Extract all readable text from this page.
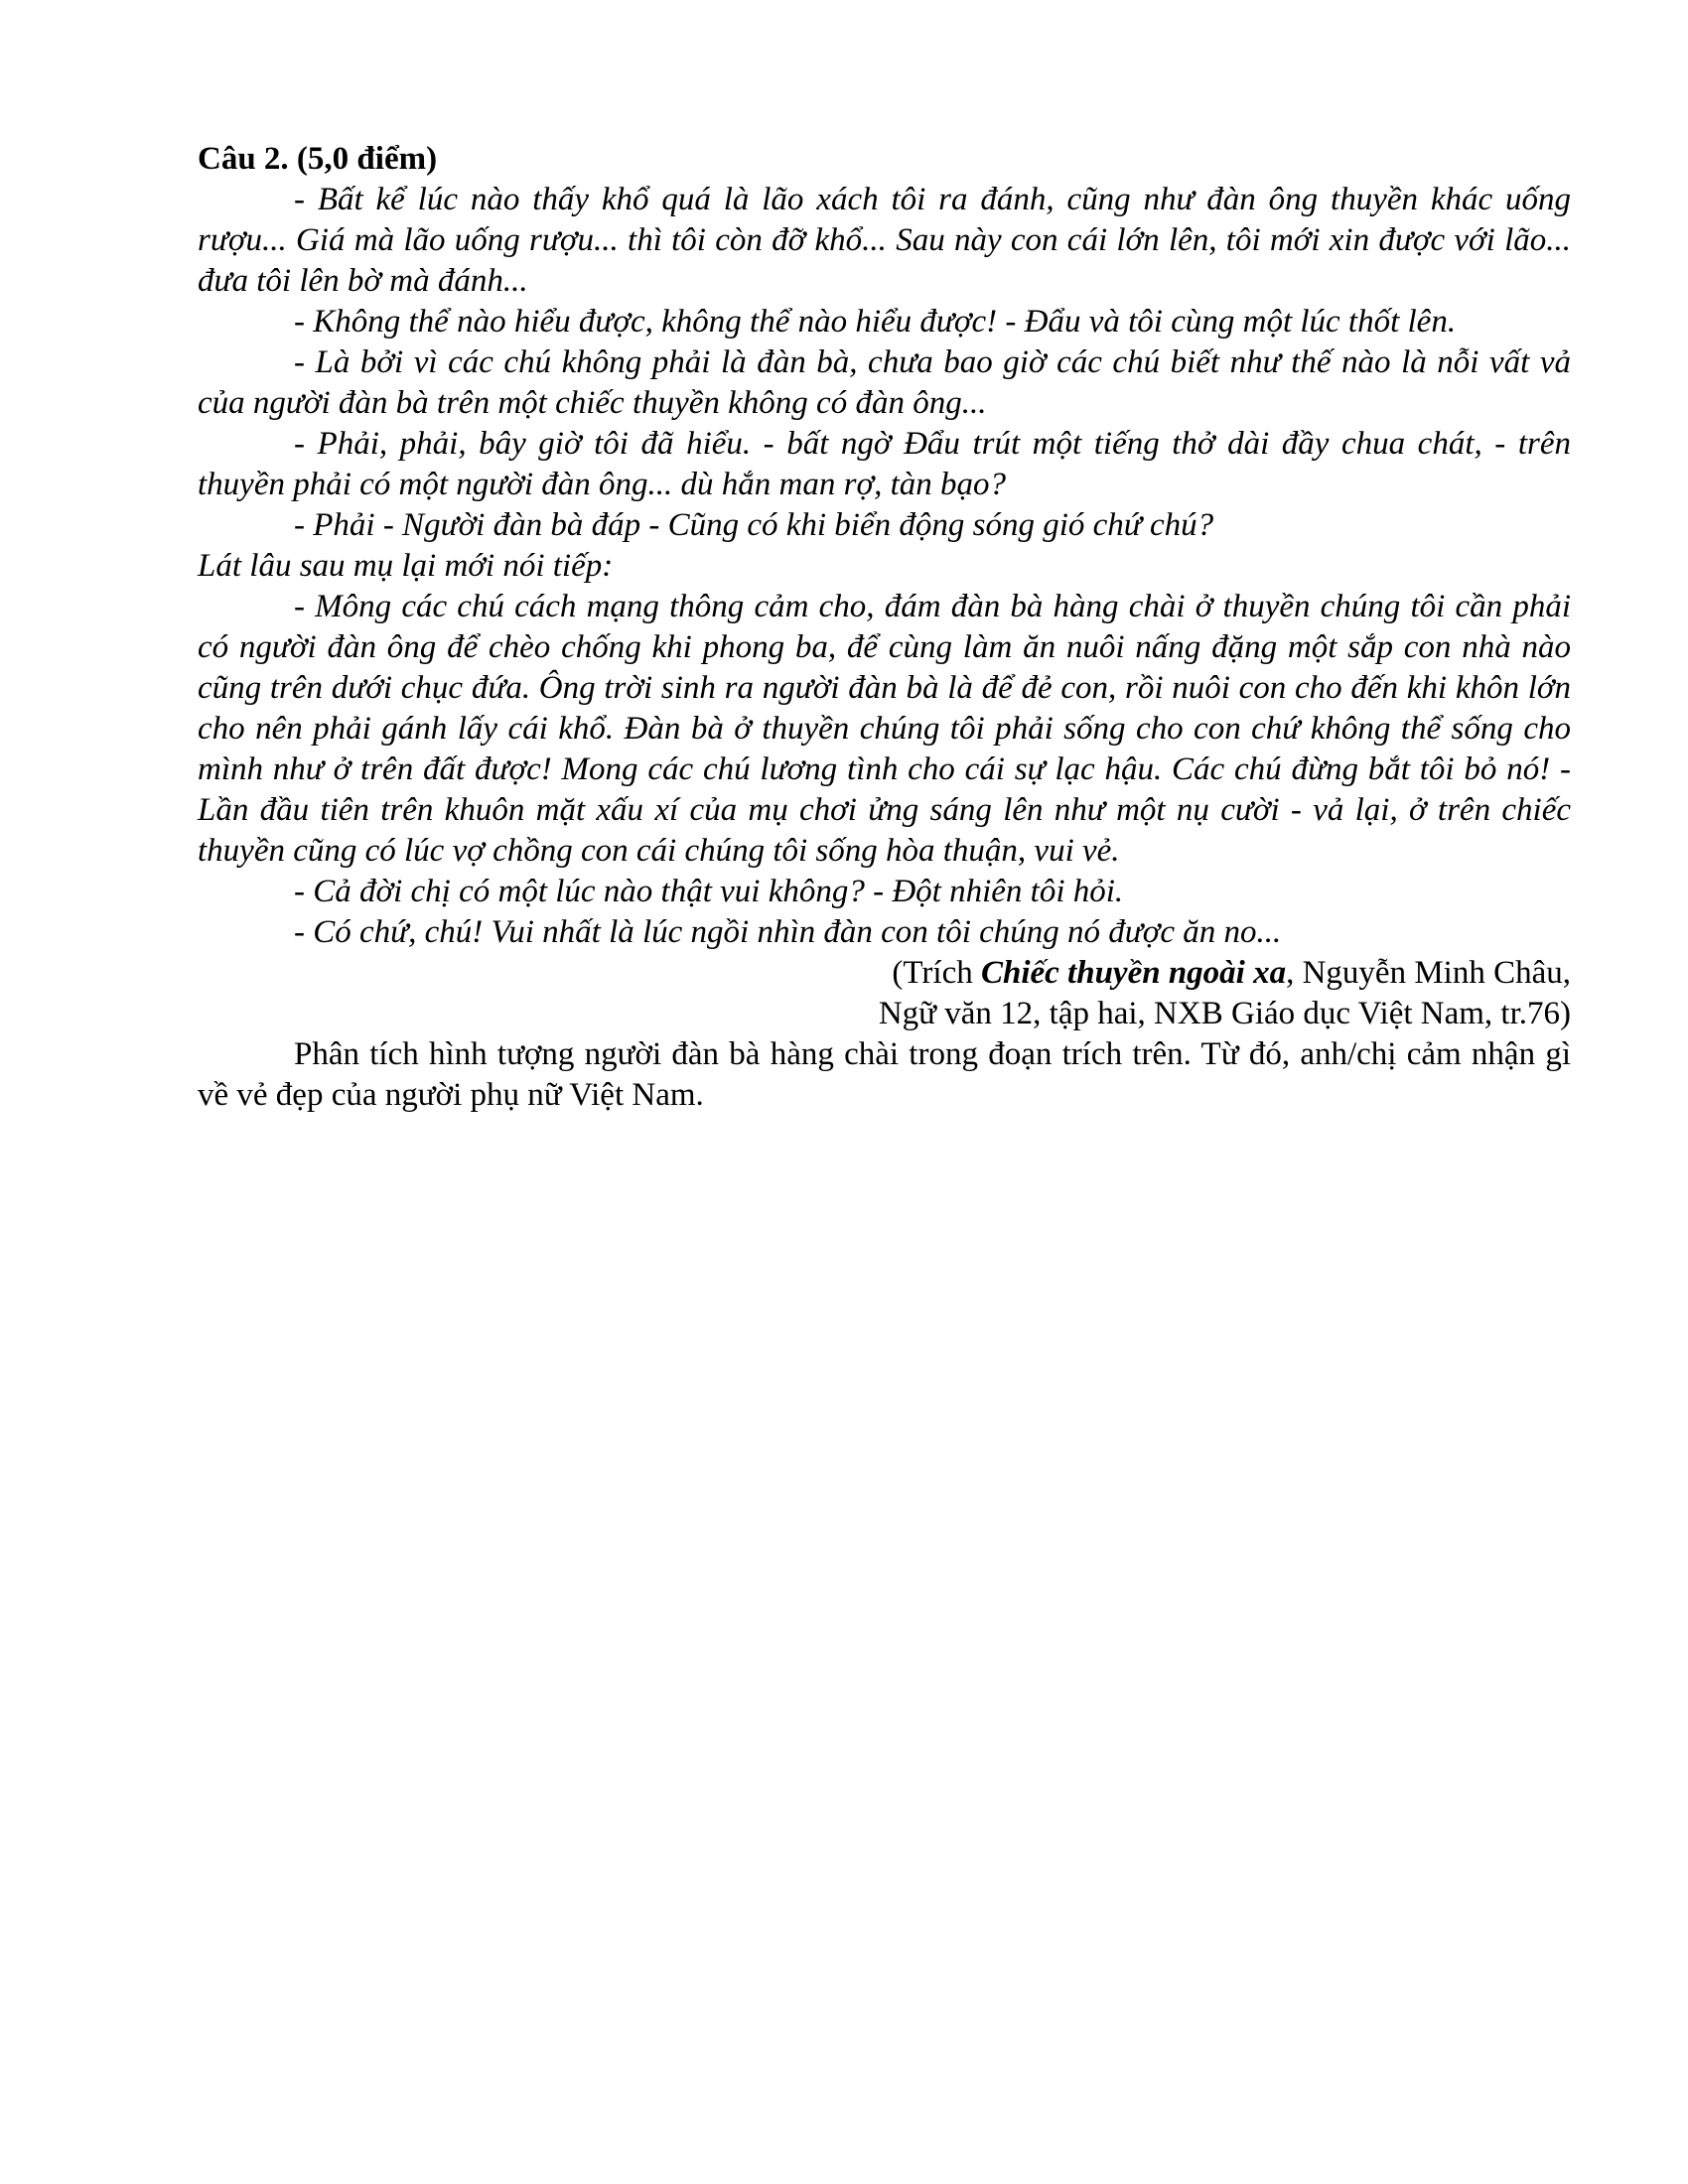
Câu 2. (5,0 điểm)

- Bất kể lúc nào thấy khổ quá là lão xách tôi ra đánh, cũng như đàn ông thuyền khác uống rượu... Giá mà lão uống rượu... thì tôi còn đỡ khổ... Sau này con cái lớn lên, tôi mới xin được với lão... đưa tôi lên bờ mà đánh...

- Không thể nào hiểu được, không thể nào hiểu được! - Đẩu và tôi cùng một lúc thốt lên.

- Là bởi vì các chú không phải là đàn bà, chưa bao giờ các chú biết như thế nào là nỗi vất vả của người đàn bà trên một chiếc thuyền không có đàn ông...

- Phải, phải, bây giờ tôi đã hiểu. - bất ngờ Đẩu trút một tiếng thở dài đầy chua chát, - trên thuyền phải có một người đàn ông... dù hắn man rợ, tàn bạo?

- Phải - Người đàn bà đáp - Cũng có khi biển động sóng gió chứ chú?

Lát lâu sau mụ lại mới nói tiếp:

- Mông các chú cách mạng thông cảm cho, đám đàn bà hàng chài ở thuyền chúng tôi cần phải có người đàn ông để chèo chống khi phong ba, để cùng làm ăn nuôi nấng đặng một sắp con nhà nào cũng trên dưới chục đứa. Ông trời sinh ra người đàn bà là để đẻ con, rồi nuôi con cho đến khi khôn lớn cho nên phải gánh lấy cái khổ. Đàn bà ở thuyền chúng tôi phải sống cho con chứ không thể sống cho mình như ở trên đất được! Mong các chú lương tình cho cái sự lạc hậu. Các chú đừng bắt tôi bỏ nó! - Lần đầu tiên trên khuôn mặt xấu xí của mụ chơi ửng sáng lên như một nụ cười - vả lại, ở trên chiếc thuyền cũng có lúc vợ chồng con cái chúng tôi sống hòa thuận, vui vẻ.

- Cả đời chị có một lúc nào thật vui không? - Đột nhiên tôi hỏi.

- Có chứ, chú! Vui nhất là lúc ngồi nhìn đàn con tôi chúng nó được ăn no...

(Trích Chiếc thuyền ngoài xa, Nguyễn Minh Châu,
Ngữ văn 12, tập hai, NXB Giáo dục Việt Nam, tr.76)

Phân tích hình tượng người đàn bà hàng chài trong đoạn trích trên. Từ đó, anh/chị cảm nhận gì về vẻ đẹp của người phụ nữ Việt Nam.
